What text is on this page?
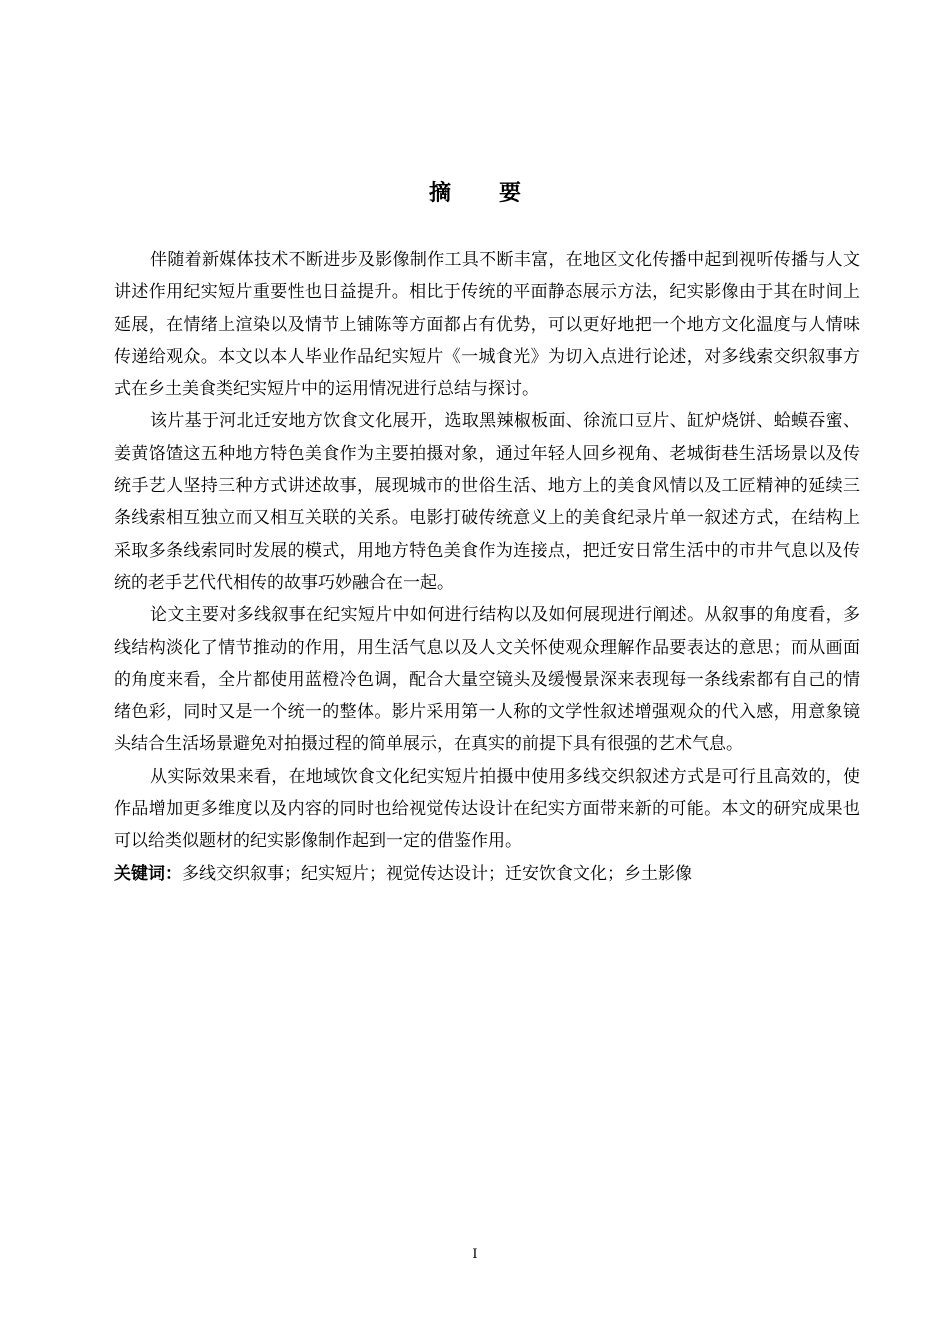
摘要

伴随着新媒体技术不断进步及影像制作工具不断丰富，在地区文化传播中起到视听传播与人文讲述作用纪实短片重要性也日益提升。相比于传统的平面静态展示方法，纪实影像由于其在时间上延展，在情绪上渲染以及情节上铺陈等方面都占有优势，可以更好地把一个地方文化温度与人情味传递给观众。本文以本人毕业作品纪实短片《一城食光》为切入点进行论述，对多线索交织叙事方式在乡土美食类纪实短片中的运用情况进行总结与探讨。

该片基于河北迁安地方饮食文化展开，选取黑辣椒板面、徐流口豆片、缸炉烧饼、蛤蟆吞蜜、姜黄饹馇这五种地方特色美食作为主要拍摄对象，通过年轻人回乡视角、老城街巷生活场景以及传统手艺人坚持三种方式讲述故事，展现城市的世俗生活、地方上的美食风情以及工匠精神的延续三条线索相互独立而又相互关联的关系。电影打破传统意义上的美食纪录片单一叙述方式，在结构上采取多条线索同时发展的模式，用地方特色美食作为连接点，把迁安日常生活中的市井气息以及传统的老手艺代代相传的故事巧妙融合在一起。

论文主要对多线叙事在纪实短片中如何进行结构以及如何展现进行阐述。从叙事的角度看，多线结构淡化了情节推动的作用，用生活气息以及人文关怀使观众理解作品要表达的意思；而从画面的角度来看，全片都使用蓝橙冷色调，配合大量空镜头及缓慢景深来表现每一条线索都有自己的情绪色彩，同时又是一个统一的整体。影片采用第一人称的文学性叙述增强观众的代入感，用意象镜头结合生活场景避免对拍摄过程的简单展示，在真实的前提下具有很强的艺术气息。

从实际效果来看，在地域饮食文化纪实短片拍摄中使用多线交织叙述方式是可行且高效的，使作品增加更多维度以及内容的同时也给视觉传达设计在纪实方面带来新的可能。本文的研究成果也可以给类似题材的纪实影像制作起到一定的借鉴作用。

关键词：多线交织叙事；纪实短片；视觉传达设计；迁安饮食文化；乡土影像

I
